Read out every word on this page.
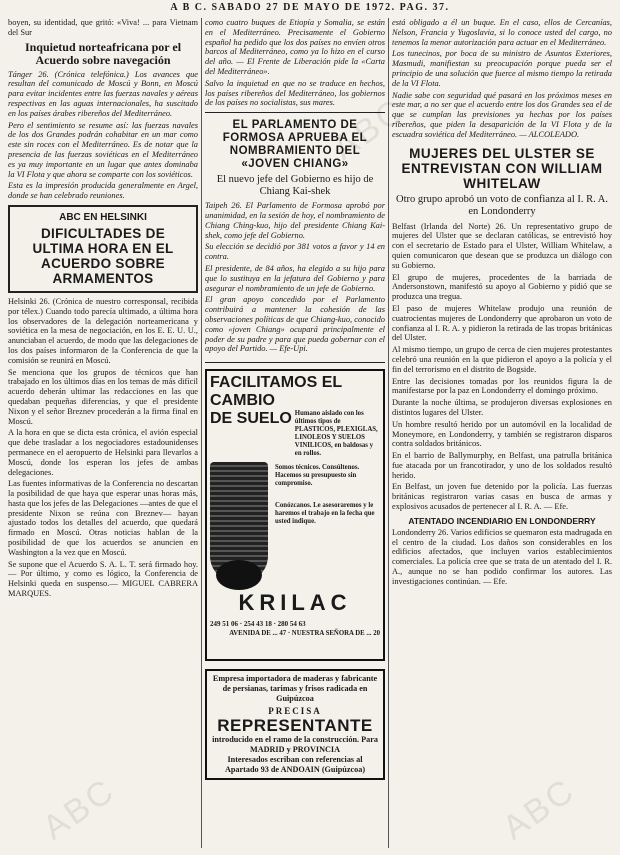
A B C. SABADO 27 DE MAYO DE 1972. PAG. 37.

boyen, su identidad, que gritó: «Viva! ... para Vietnam del Sur

Inquietud norteafricana por el Acuerdo sobre navegación

Tánger 26. (Crónica telefónica.) Los avances que resultan del comunicado de Moscú y Bonn, en Moscú para evitar incidentes entre las fuerzas navales y aéreas respectivas en las aguas internacionales, ha suscitado en los países árabes ribereños del Mediterráneo.

Pero el sentimiento se resume así: las fuerzas navales de los dos Grandes podrán cohabitar en un mar como este sin roces con el Mediterráneo. Es de notar que la presencia de las fuerzas soviéticas en el Mediterráneo es ya muy importante en un lugar que antes dominaba la VI Flota y que ahora se comparte con los soviéticos.

Esta es la impresión producida generalmente en Argel, donde se han celebrado reuniones.

ABC EN HELSINKI
DIFICULTADES DE ULTIMA HORA EN EL ACUERDO SOBRE ARMAMENTOS

Helsinki 26. (Crónica de nuestro corresponsal, recibida por télex.) Cuando todo parecía ultimado, a última hora los observadores de la delegación norteamericana y soviética en la mesa de negociación, en los E. E. U. U., anunciaban el acuerdo, de modo que las delegaciones de los dos países informaron de la Conferencia de que la comisión se reunirá en Moscú.

Se menciona que los grupos de técnicos que han trabajado en los últimos días en los temas de más difícil acuerdo deberán ultimar las redacciones en las que quedaban pequeñas diferencias, y que el presidente Nixon y el señor Breznev procederán a la firma final en Moscú.

A la hora en que se dicta esta crónica, el avión especial que debe trasladar a los negociadores estadounidenses permanece en el aeropuerto de Helsinki para llevarlos a Moscú, donde los esperan los jefes de ambas delegaciones.

Las fuentes informativas de la Conferencia no descartan la posibilidad de que haya que esperar unas horas más, hasta que los jefes de las Delegaciones —antes de que el presidente Nixon se reúna con Breznev— hayan ajustado todos los detalles del acuerdo, que quedará firmado en Moscú. Otras noticias hablan de la posibilidad de que los acuerdos se anuncien en Washington a la vez que en Moscú.

Se supone que el Acuerdo S. A. L. T. será firmado hoy. — Por último, y como es lógico, la Conferencia de Helsinki queda en suspenso.— MIGUEL CABRERA MARQUES.

como cuatro buques de Etiopía y Somalia, se están en el Mediterráneo. Precisamente el Gobierno español ha pedido que los dos países no envíen otros barcos al Mediterráneo, como ya lo hizo en el curso del año. — El Frente de Liberación pide la «Carta del Mediterráneo».

Salvo la inquietud en que no se traduce en hechos, los países ribereños del Mediterráneo, los gobiernos de los países no socialistas, sus mares.

EL PARLAMENTO DE FORMOSA APRUEBA EL NOMBRAMIENTO DEL «JOVEN CHIANG»
El nuevo jefe del Gobierno es hijo de Chiang Kai-shek

Taipeh 26. El Parlamento de Formosa aprobó por unanimidad, en la sesión de hoy, el nombramiento de Chiang Ching-kuo, hijo del presidente Chiang Kai-shek, como jefe del Gobierno.

Su elección se decidió por 381 votos a favor y 14 en contra.

El presidente, de 84 años, ha elegido a su hijo para que lo sustituya en la jefatura del Gobierno y para asegurar el nombramiento de un jefe de Gobierno.

El gran apoyo concedido por el Parlamento contribuirá a mantener la cohesión de las observaciones políticas de que Chiang-kuo, conocido como «joven Chiang» ocupará principalmente el poder de su padre y para que pueda gobernar con el apoyo del Partido. — Efe-Upi.

FACILITAMOS EL CAMBIO
DE SUELO Humano aislado con los últimos tipos de PLASTICOS, PLEXIGLAS, LINOLEOS Y SUELOS VINILICOS, en baldosas y en rollos.
Somos técnicos. Consúltenos. Hacemos su presupuesto sin compromiso.
Conózcanos. Le asesoraremos y le haremos el trabajo en la fecha que usted indique.
KRILAC
249 51 06 · 254 43 18 · 280 54 63
AVENIDA DE ... 47 · NUESTRA SEÑORA DE ... 20
Empresa importadora de maderas y fabricante de persianas, tarimas y frisos radicada en Guipúzcoa
PRECISA
REPRESENTANTE
introducido en el ramo de la construcción. Para MADRID y PROVINCIA
Interesados escriban con referencias al Apartado 93 de ANDOAIN (Guipúzcoa)

está obligado a él un buque. En el caso, ellos de Cercanías, Nelson, Francia y Yugoslavia, si lo conoce usted del cargo, no tenemos la menor autorización para actuar en el Mediterráneo.

Los tunecinos, por boca de su ministro de Asuntos Exteriores, Masmudi, manifiestan su preocupación porque pueda ser el principio de una solución que fuerce al mismo tiempo la retirada de la VI Flota.

Nadie sabe con seguridad qué pasará en los próximos meses en este mar, a no ser que el acuerdo entre los dos Grandes sea el de que se cumplan las previsiones ya hechas por los países ribereños, que piden la desaparición de la VI Flota y de la escuadra soviética del Mediterráneo. — ALCOLEADO.

MUJERES DEL ULSTER SE ENTREVISTAN CON WILLIAM WHITELAW
Otro grupo aprobó un voto de confianza al I. R. A. en Londonderry

Belfast (Irlanda del Norte) 26. Un representativo grupo de mujeres del Ulster que se declaran católicas, se entrevistó hoy con el secretario de Estado para el Ulster, William Whitelaw, a quien comunicaron que desean que se produzca un diálogo con su Gobierno.

El grupo de mujeres, procedentes de la barriada de Andersonstown, manifestó su apoyo al Gobierno y pidió que se produzca una tregua.

El paso de mujeres Whitelaw produjo una reunión de cuatrocientas mujeres de Londonderry que aprobaron un voto de confianza al I. R. A. y pidieron la retirada de las tropas británicas del Ulster.

Al mismo tiempo, un grupo de cerca de cien mujeres protestantes celebró una reunión en la que pidieron el apoyo a la policía y el fin del terrorismo en el distrito de Bogside.

Entre las decisiones tomadas por los reunidos figura la de manifestarse por la paz en Londonderry el domingo próximo.

Durante la noche última, se produjeron diversas explosiones en distintos lugares del Ulster.

Un hombre resultó herido por un automóvil en la localidad de Moneymore, en Londonderry, y también se registraron disparos contra soldados británicos.

En el barrio de Ballymurphy, en Belfast, una patrulla británica fue atacada por un francotirador, y uno de los soldados resultó herido.

En Belfast, un joven fue detenido por la policía. Las fuerzas británicas registraron varias casas en busca de armas y explosivos acusados de pertenecer al I. R. A. — Efe.

ATENTADO INCENDIARIO EN LONDONDERRY

Londonderry 26. Varios edificios se quemaron esta madrugada en el centro de la ciudad. Los daños son considerables en los edificios afectados, que incluyen varios establecimientos comerciales. La policía cree que se trata de un atentado del I. R. A., aunque no se han podido confirmar los autores. Las investigaciones continúan. — Efe.

ABC
ABC	ABC
